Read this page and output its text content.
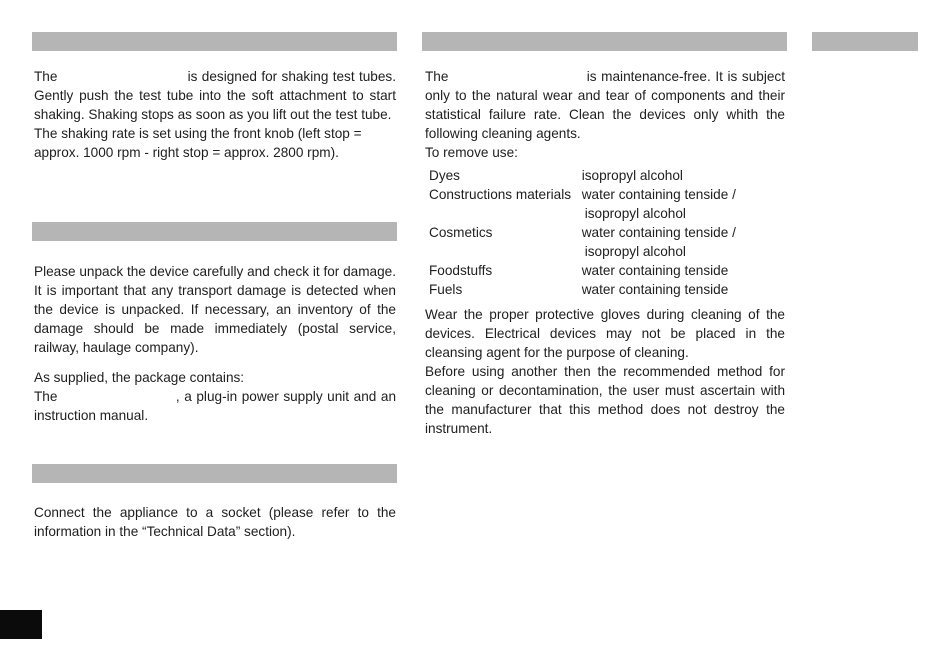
The	is designed for shaking test tubes. Gently push the test tube into the soft attachment to start shaking. Shaking stops as soon as you lift out the test tube.

The shaking rate is set using the front knob (left stop = approx. 1000 rpm - right stop = approx. 2800 rpm).

Please unpack the device carefully and check it for damage. It is important that any transport damage is detected when the device is unpacked. If necessary, an inventory of the damage should be made immediately (postal service, railway, haulage company).

As supplied, the package contains:

The	, a plug-in power supply unit and an instruction manual.

Connect the appliance to a socket (please refer to the information in the “Technical Data” section).

The	is maintenance-free. It is subject only to the natural wear and tear of components and their statistical failure rate. Clean the devices only whith the following cleaning agents.

To remove use:

Dyes	isopropyl alcohol
Constructions materials	water containing tenside /
	isopropyl alcohol
Cosmetics	water containing tenside /
	isopropyl alcohol
Foodstuffs	water containing tenside
Fuels	water containing tenside

Wear the proper protective gloves during cleaning of the devices. Electrical devices may not be placed in the cleansing agent for the purpose of cleaning.

Before using another then the recommended method for cleaning or decontamination, the user must ascertain with the manufacturer that this method does not destroy the instrument.
